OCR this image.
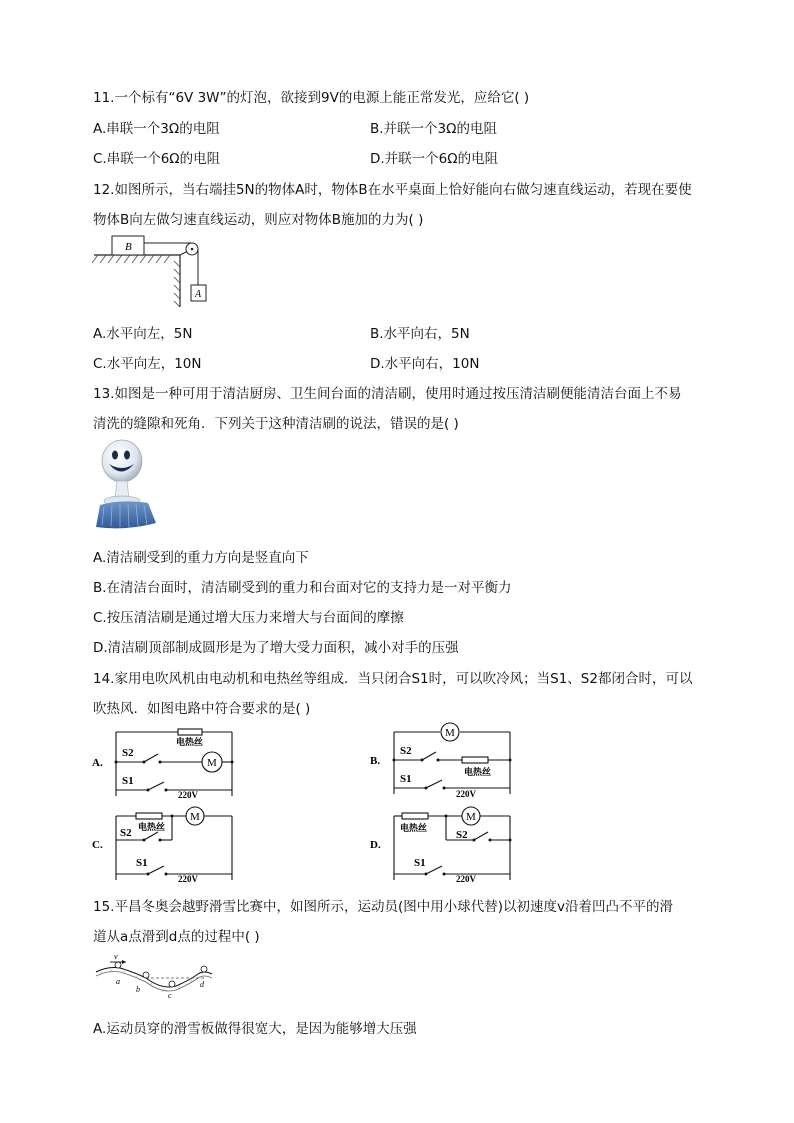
11.一个标有“6V 3W”的灯泡，欲接到9V的电源上能正常发光，应给它( )
A.串联一个3Ω的电阻	B.并联一个3Ω的电阻
C.串联一个6Ω的电阻	D.并联一个6Ω的电阻
12.如图所示，当右端挂5N的物体A时，物体B在水平桌面上恰好能向右做匀速直线运动，若现在要使
物体B向左做匀速直线运动，则应对物体B施加的力为( )
B
A
A.水平向左，5N	B.水平向右，5N
C.水平向左，10N	D.水平向右，10N
13.如图是一种可用于清洁厨房、卫生间台面的清洁刷，使用时通过按压清洁刷便能清洁台面上不易
清洗的缝隙和死角．下列关于这种清洁刷的说法，错误的是( )
A.清洁刷受到的重力方向是竖直向下
B.在清洁台面时，清洁刷受到的重力和台面对它的支持力是一对平衡力
C.按压清洁刷是通过增大压力来增大与台面间的摩擦
D.清洁刷顶部制成圆形是为了增大受力面积，减小对手的压强
14.家用电吹风机由电动机和电热丝等组成．当只闭合S1时，可以吹冷风；当S1、S2都闭合时，可以
吹热风．如图电路中符合要求的是( )
A.
电热丝
M
S2
S1
220V
B.
M
电热丝
S2
S1
220V
C.
M
电热丝
S2
S1
220V
D.
M
电热丝
S2
S1
220V
15.平昌冬奥会越野滑雪比赛中，如图所示，运动员(图中用小球代替)以初速度v沿着凹凸不平的滑
道从a点滑到d点的过程中( )
v
a
b
c
d
A.运动员穿的滑雪板做得很宽大，是因为能够增大压强
